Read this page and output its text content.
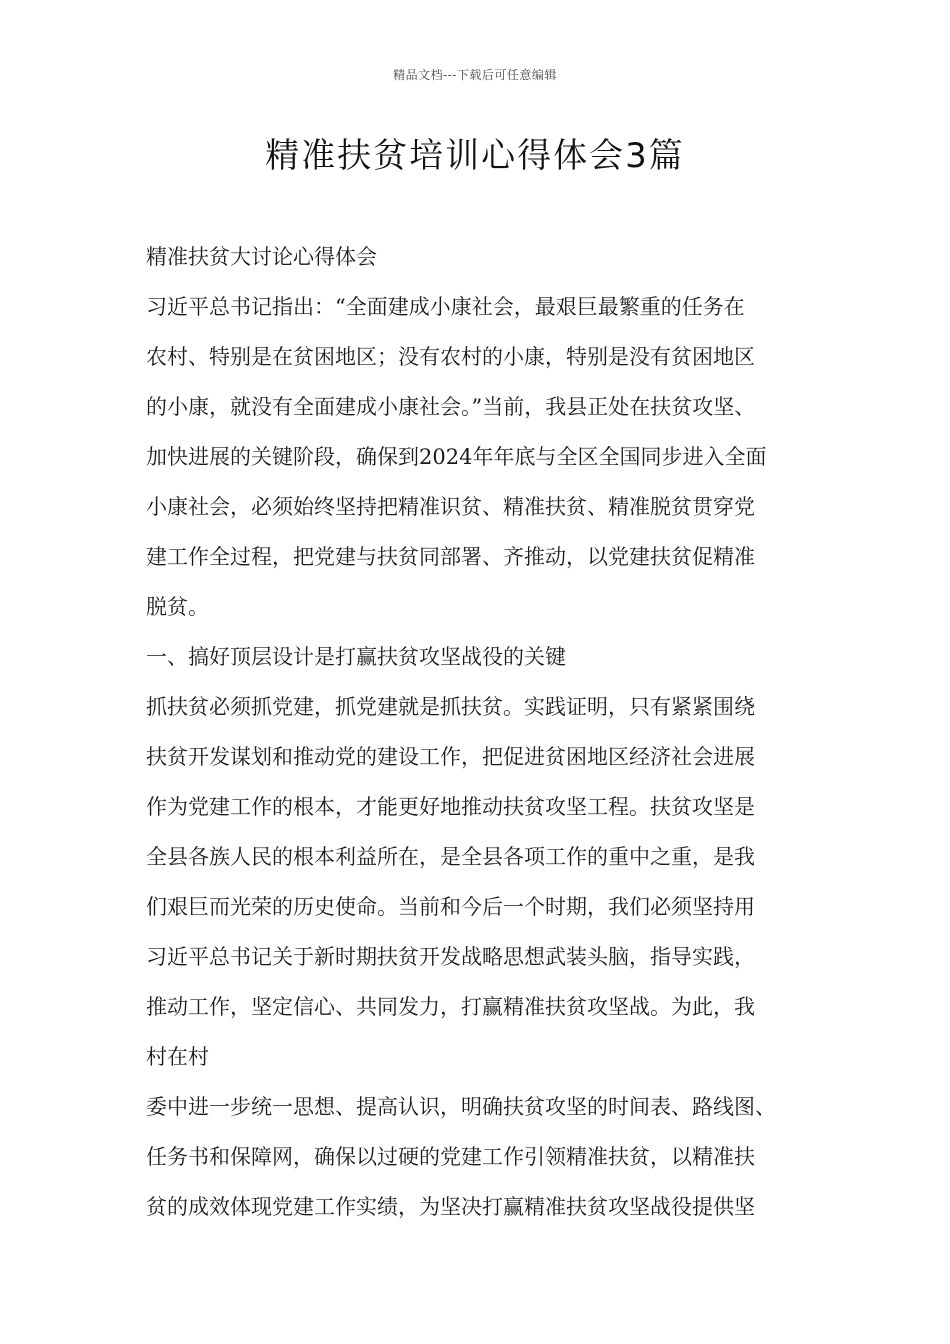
精品文档---下载后可任意编辑
精准扶贫培训心得体会3篇
精准扶贫大讨论心得体会
习近平总书记指出：“全面建成小康社会，最艰巨最繁重的任务在
农村、特别是在贫困地区；没有农村的小康，特别是没有贫困地区
的小康，就没有全面建成小康社会。”当前，我县正处在扶贫攻坚、
加快进展的关键阶段，确保到2024年年底与全区全国同步进入全面
小康社会，必须始终坚持把精准识贫、精准扶贫、精准脱贫贯穿党
建工作全过程，把党建与扶贫同部署、齐推动，以党建扶贫促精准
脱贫。
一、搞好顶层设计是打赢扶贫攻坚战役的关键
抓扶贫必须抓党建，抓党建就是抓扶贫。实践证明，只有紧紧围绕
扶贫开发谋划和推动党的建设工作，把促进贫困地区经济社会进展
作为党建工作的根本，才能更好地推动扶贫攻坚工程。扶贫攻坚是
全县各族人民的根本利益所在，是全县各项工作的重中之重，是我
们艰巨而光荣的历史使命。当前和今后一个时期，我们必须坚持用
习近平总书记关于新时期扶贫开发战略思想武装头脑，指导实践，
推动工作，坚定信心、共同发力，打赢精准扶贫攻坚战。为此，我
村在村
委中进一步统一思想、提高认识，明确扶贫攻坚的时间表、路线图、
任务书和保障网，确保以过硬的党建工作引领精准扶贫，以精准扶
贫的成效体现党建工作实绩，为坚决打赢精准扶贫攻坚战役提供坚
